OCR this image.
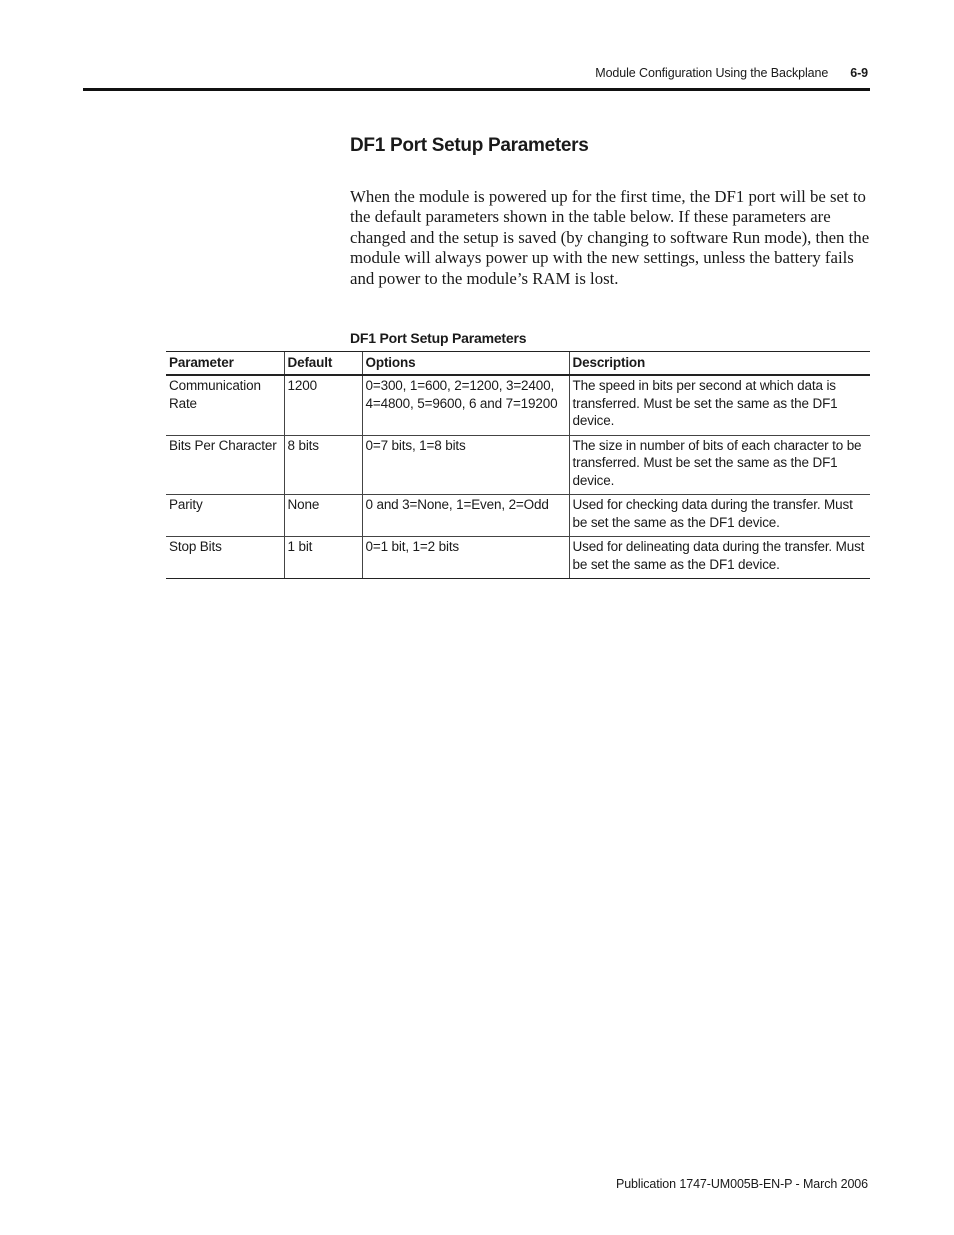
Module Configuration Using the Backplane 6-9
DF1 Port Setup Parameters

When the module is powered up for the first time, the DF1 port will be set to the default parameters shown in the table below. If these parameters are changed and the setup is saved (by changing to software Run mode), then the module will always power up with the new settings, unless the battery fails and power to the module’s RAM is lost.

DF1 Port Setup Parameters
Parameter	Default	Options	Description
Communication Rate	1200	0=300, 1=600, 2=1200, 3=2400, 4=4800, 5=9600, 6 and 7=19200	The speed in bits per second at which data is transferred. Must be set the same as the DF1 device.
Bits Per Character	8 bits	0=7 bits, 1=8 bits	The size in number of bits of each character to be transferred. Must be set the same as the DF1 device.
Parity	None	0 and 3=None, 1=Even, 2=Odd	Used for checking data during the transfer. Must be set the same as the DF1 device.
Stop Bits	1 bit	0=1 bit, 1=2 bits	Used for delineating data during the transfer. Must be set the same as the DF1 device.
Publication 1747-UM005B-EN-P - March 2006
